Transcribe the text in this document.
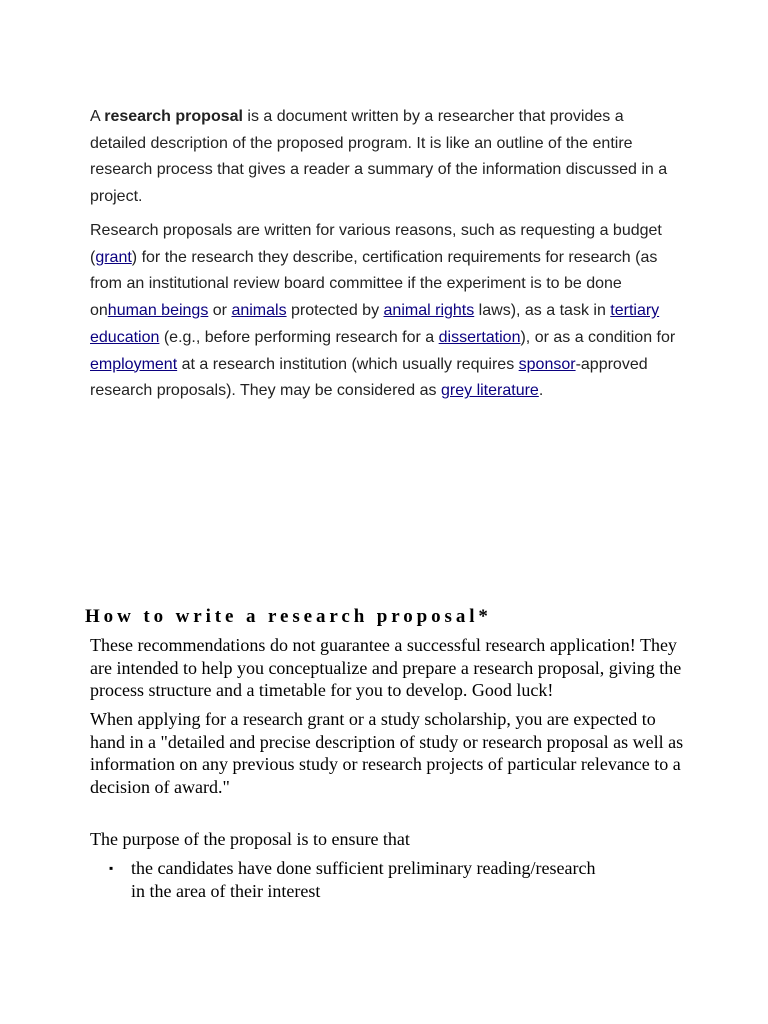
A research proposal is a document written by a researcher that provides a detailed description of the proposed program. It is like an outline of the entire research process that gives a reader a summary of the information discussed in a project.

Research proposals are written for various reasons, such as requesting a budget (grant) for the research they describe, certification requirements for research (as from an institutional review board committee if the experiment is to be done onhuman beings or animals protected by animal rights laws), as a task in tertiary education (e.g., before performing research for a dissertation), or as a condition for employment at a research institution (which usually requires sponsor-approved research proposals). They may be considered as grey literature.

How to write a research proposal*

These recommendations do not guarantee a successful research application! They are intended to help you conceptualize and prepare a research proposal, giving the process structure and a timetable for you to develop. Good luck!

When applying for a research grant or a study scholarship, you are expected to
hand in a "detailed and precise description of study or research proposal as well as information on any previous study or research projects of particular relevance to a decision of award."

The purpose of the proposal is to ensure that

▪ the candidates have done sufficient preliminary reading/research
in the area of their interest
